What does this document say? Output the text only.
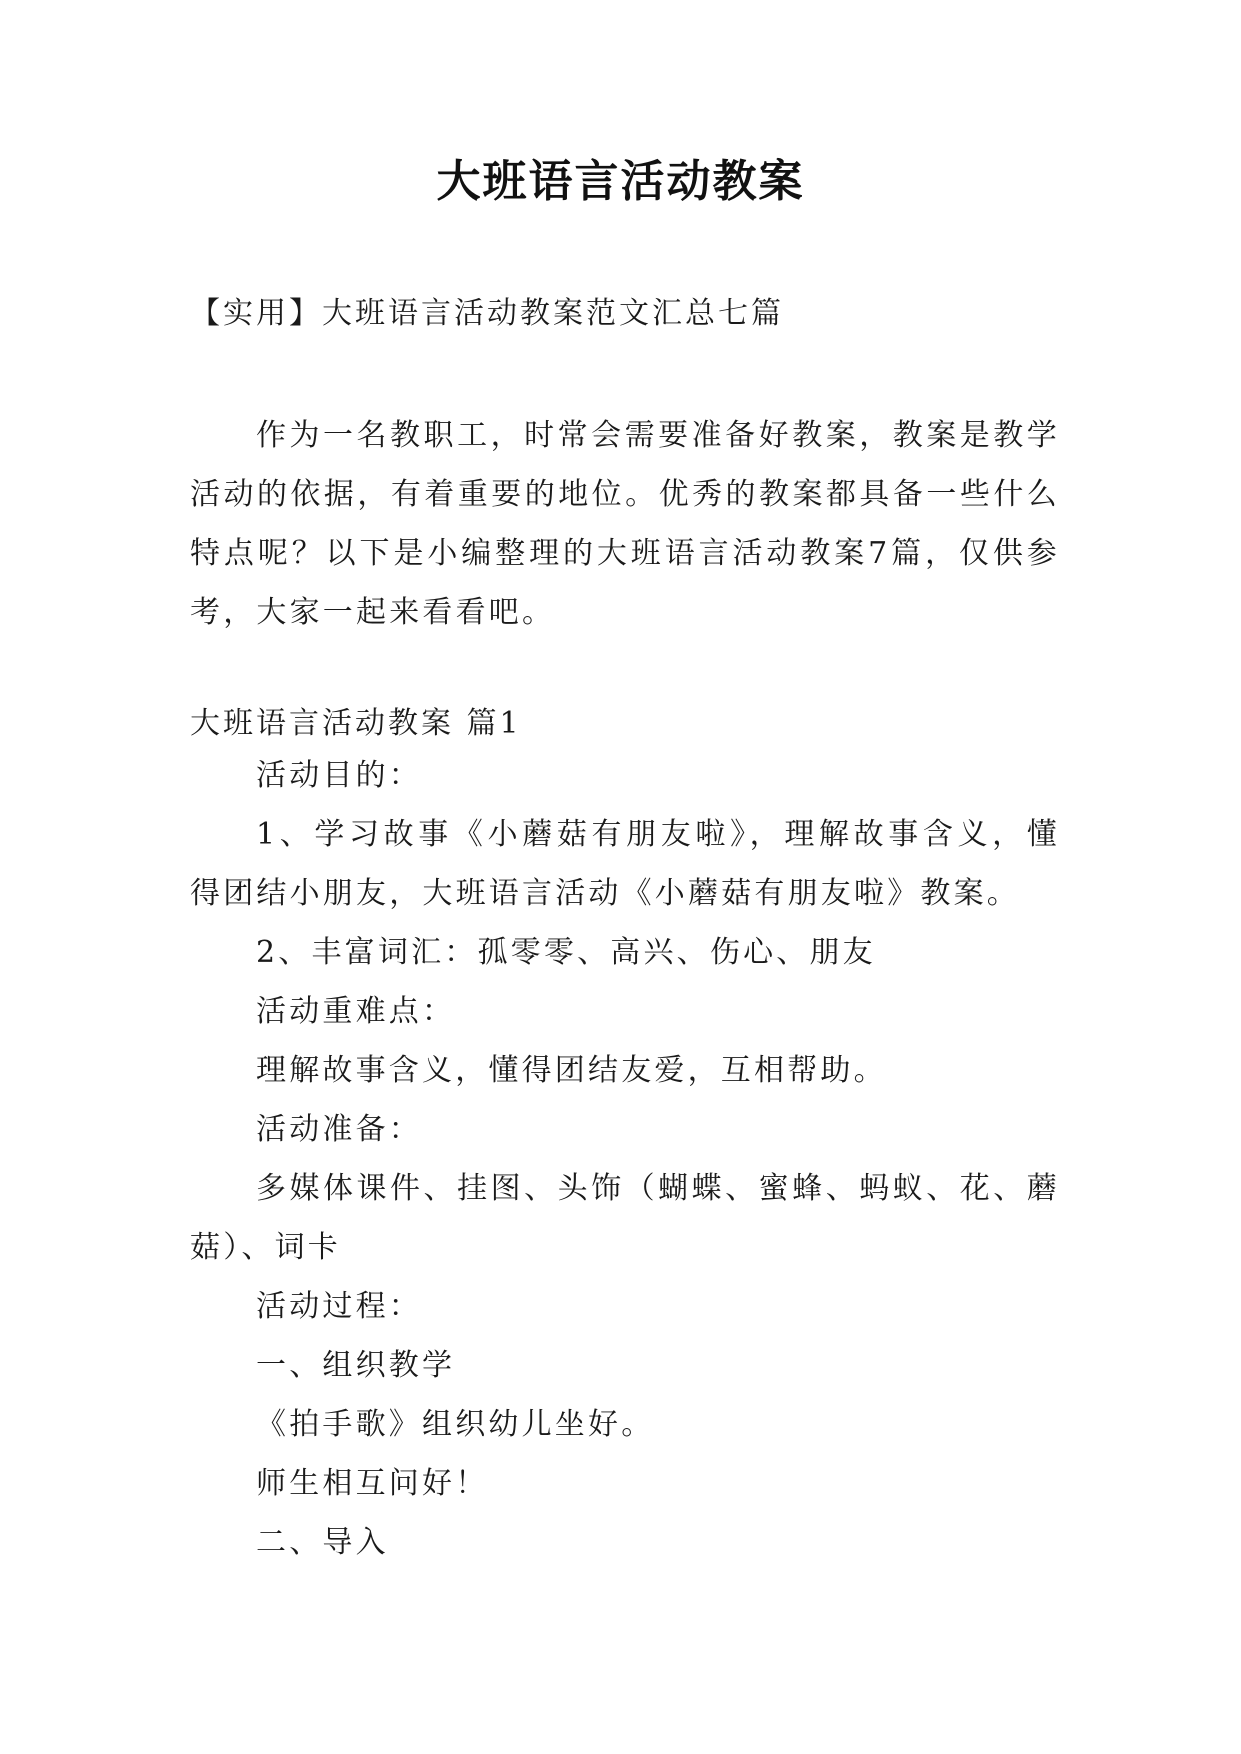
大班语言活动教案
【实用】大班语言活动教案范文汇总七篇
作为一名教职工，时常会需要准备好教案，教案是教学活动的依据，有着重要的地位。优秀的教案都具备一些什么特点呢？以下是小编整理的大班语言活动教案7篇，仅供参考，大家一起来看看吧。
大班语言活动教案 篇1
活动目的：
1、学习故事《小蘑菇有朋友啦》，理解故事含义，懂得团结小朋友，大班语言活动《小蘑菇有朋友啦》教案。
2、丰富词汇：孤零零、高兴、伤心、朋友
活动重难点：
理解故事含义，懂得团结友爱，互相帮助。
活动准备：
多媒体课件、挂图、头饰（蝴蝶、蜜蜂、蚂蚁、花、蘑菇）、词卡
活动过程：
一、组织教学
《拍手歌》组织幼儿坐好。
师生相互问好！
二、导入
